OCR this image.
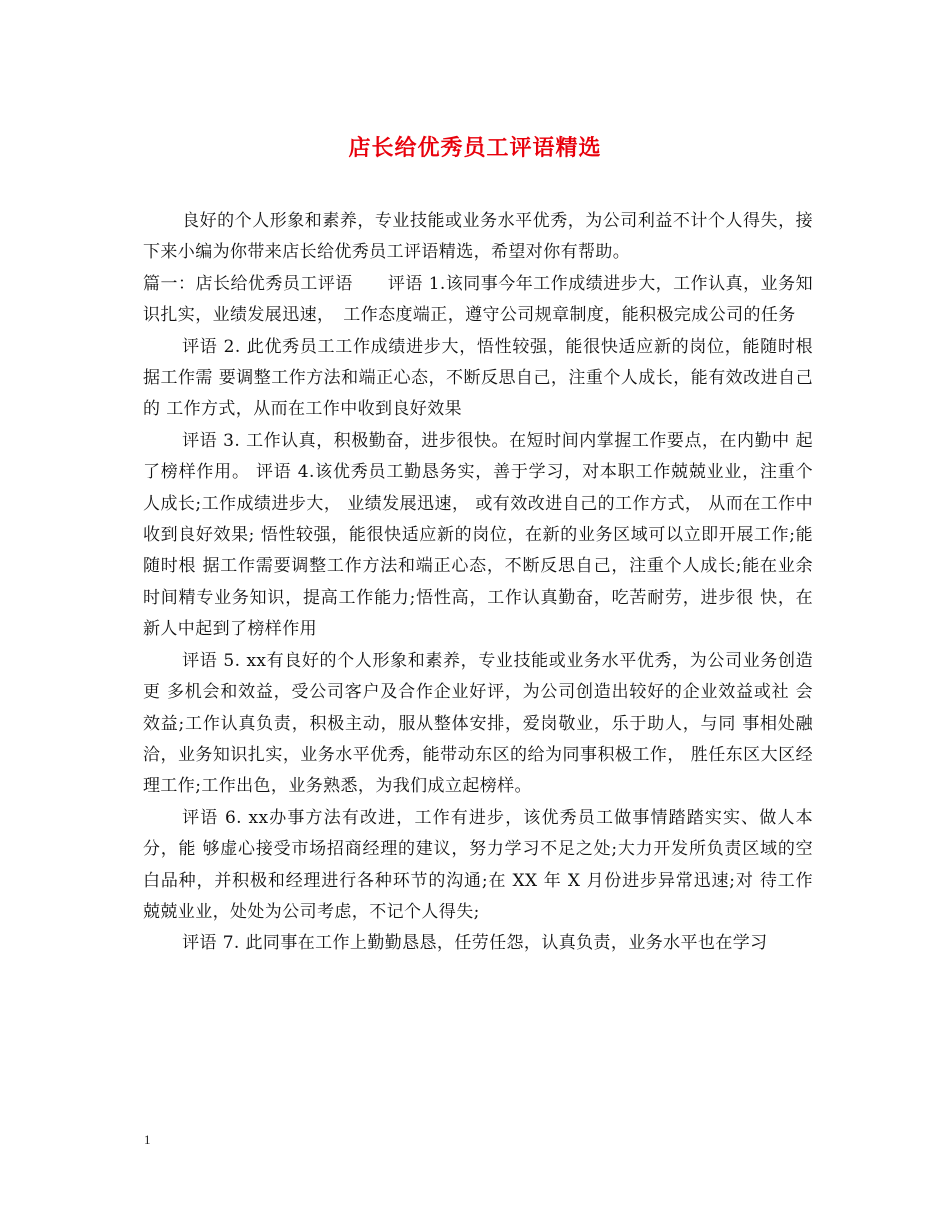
店长给优秀员工评语精选

良好的个人形象和素养，专业技能或业务水平优秀，为公司利益不计个人得失，接下来小编为你带来店长给优秀员工评语精选，希望对你有帮助。

篇一：店长给优秀员工评语　　评语 1.该同事今年工作成绩进步大，工作认真，业务知识扎实，业绩发展迅速，　工作态度端正，遵守公司规章制度，能积极完成公司的任务

评语 2. 此优秀员工工作成绩进步大，悟性较强，能很快适应新的岗位，能随时根据工作需 要调整工作方法和端正心态，不断反思自己，注重个人成长，能有效改进自己的 工作方式，从而在工作中收到良好效果

评语 3. 工作认真，积极勤奋，进步很快。在短时间内掌握工作要点，在内勤中 起了榜样作用。 评语 4.该优秀员工勤恳务实，善于学习，对本职工作兢兢业业，注重个人成长;工作成绩进步大， 业绩发展迅速， 或有效改进自己的工作方式， 从而在工作中收到良好效果; 悟性较强，能很快适应新的岗位，在新的业务区域可以立即开展工作;能随时根 据工作需要调整工作方法和端正心态，不断反思自己，注重个人成长;能在业余 时间精专业务知识，提高工作能力;悟性高，工作认真勤奋，吃苦耐劳，进步很 快，在新人中起到了榜样作用

评语 5. xx有良好的个人形象和素养，专业技能或业务水平优秀，为公司业务创造更 多机会和效益，受公司客户及合作企业好评，为公司创造出较好的企业效益或社 会效益;工作认真负责，积极主动，服从整体安排，爱岗敬业，乐于助人，与同 事相处融洽，业务知识扎实，业务水平优秀，能带动东区的给为同事积极工作， 胜任东区大区经理工作;工作出色，业务熟悉，为我们成立起榜样。

评语 6. xx办事方法有改进，工作有进步，该优秀员工做事情踏踏实实、做人本分，能 够虚心接受市场招商经理的建议，努力学习不足之处;大力开发所负责区域的空 白品种，并积极和经理进行各种环节的沟通;在 XX 年 X 月份进步异常迅速;对 待工作兢兢业业，处处为公司考虑，不记个人得失;

评语 7. 此同事在工作上勤勤恳恳，任劳任怨，认真负责，业务水平也在学习

1
